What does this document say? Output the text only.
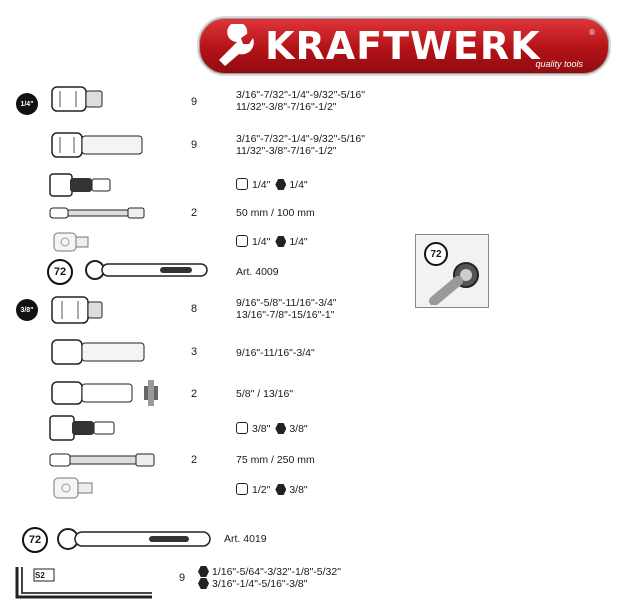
KRAFTWERK	®
quality tools
1/4"
3/8"
S2
72
72
72
9
9
2
8
3
2
2
9
3/16"-7/32"-1/4"-9/32"-5/16"
11/32"-3/8"-7/16"-1/2"
3/16"-7/32"-1/4"-9/32"-5/16"
11/32"-3/8"-7/16"-1/2"
1/4" 1/4"
50 mm / 100 mm
1/4" 1/4"
Art. 4009
9/16"-5/8"-11/16"-3/4"
13/16"-7/8"-15/16"-1"
9/16"-11/16"-3/4"
5/8" / 13/16"
3/8" 3/8"
75 mm / 250 mm
1/2" 3/8"
Art. 4019
1/16"-5/64"-3/32"-1/8"-5/32"
3/16"-1/4"-5/16"-3/8"
